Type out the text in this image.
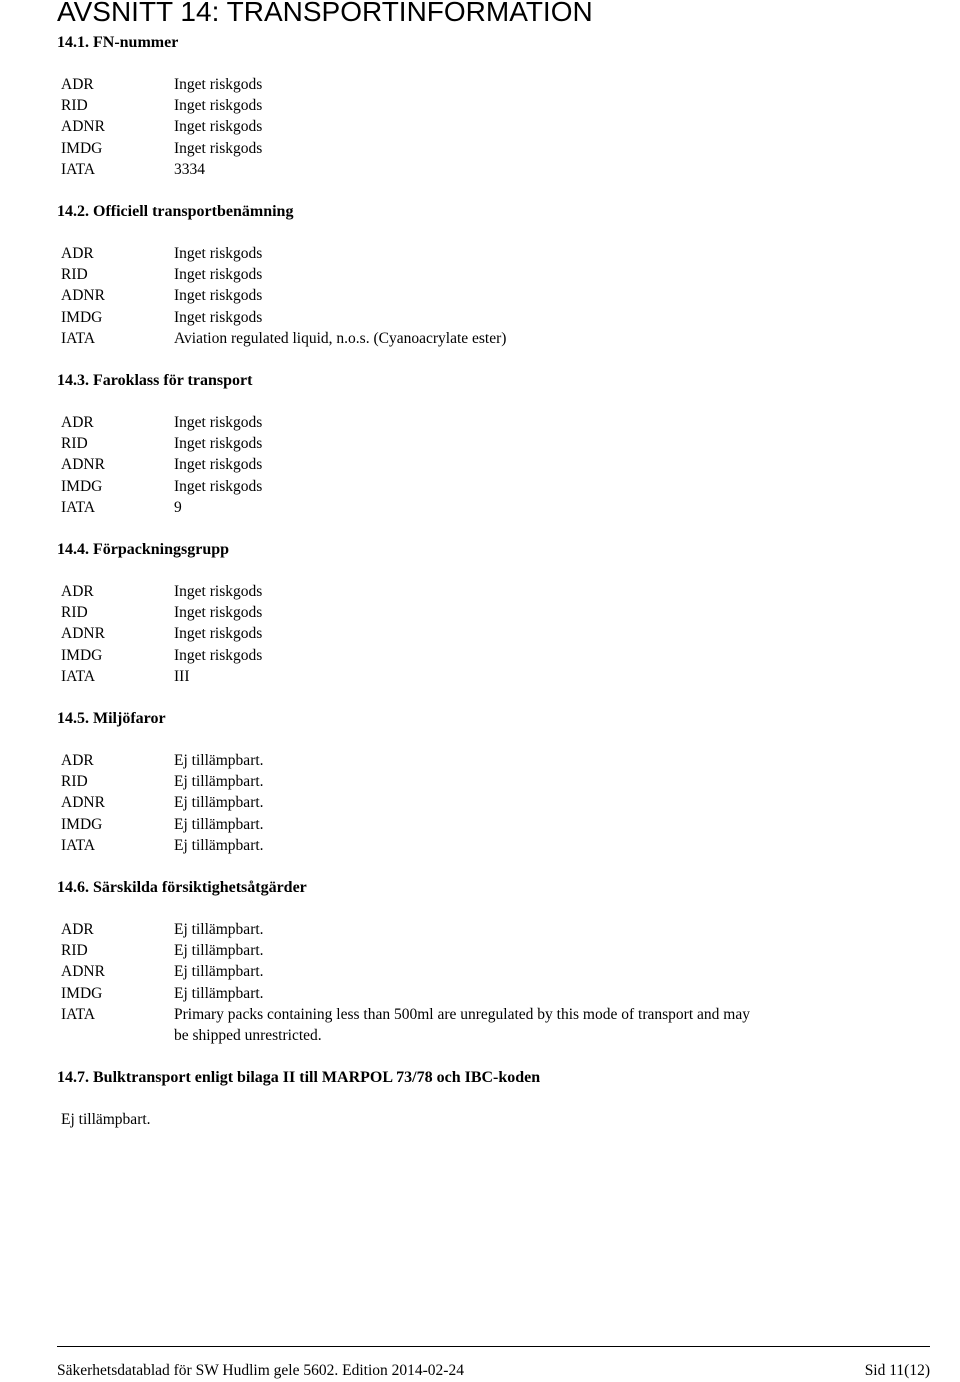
AVSNITT 14: TRANSPORTINFORMATION
14.1. FN-nummer
ADR	Inget riskgods
RID	Inget riskgods
ADNR	Inget riskgods
IMDG	Inget riskgods
IATA	3334
14.2. Officiell transportbenämning
ADR	Inget riskgods
RID	Inget riskgods
ADNR	Inget riskgods
IMDG	Inget riskgods
IATA	Aviation regulated liquid, n.o.s. (Cyanoacrylate ester)
14.3. Faroklass för transport
ADR	Inget riskgods
RID	Inget riskgods
ADNR	Inget riskgods
IMDG	Inget riskgods
IATA	9
14.4. Förpackningsgrupp
ADR	Inget riskgods
RID	Inget riskgods
ADNR	Inget riskgods
IMDG	Inget riskgods
IATA	III
14.5. Miljöfaror
ADR	Ej tillämpbart.
RID	Ej tillämpbart.
ADNR	Ej tillämpbart.
IMDG	Ej tillämpbart.
IATA	Ej tillämpbart.
14.6. Särskilda försiktighetsåtgärder
ADR	Ej tillämpbart.
RID	Ej tillämpbart.
ADNR	Ej tillämpbart.
IMDG	Ej tillämpbart.
IATA	Primary packs containing less than 500ml are unregulated by this mode of transport and may be shipped unrestricted.
14.7. Bulktransport enligt bilaga II till MARPOL 73/78 och IBC-koden
Ej tillämpbart.
Säkerhetsdatablad för SW Hudlim gele 5602. Edition 2014-02-24	Sid 11(12)
